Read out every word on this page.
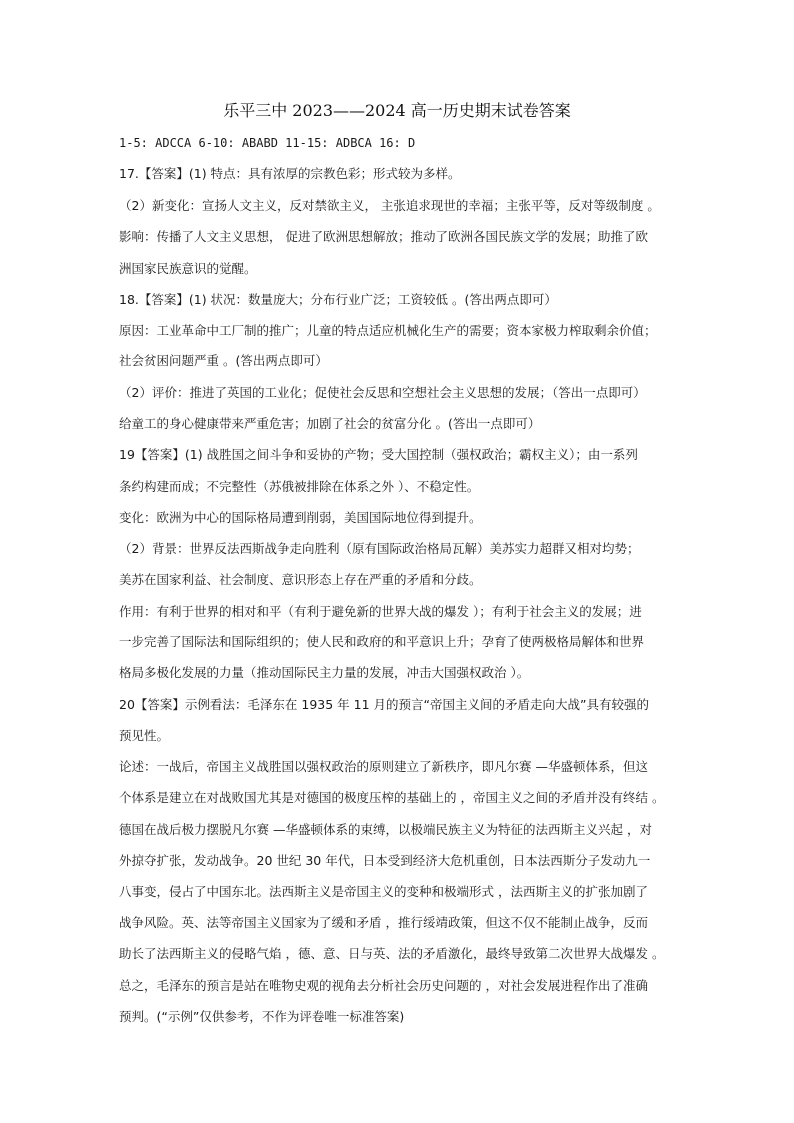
乐平三中 2023——2024 高一历史期末试卷答案
1-5: ADCCA 6-10: ABABD 11-15: ADBCA 16: D
17.【答案】(1) 特点：具有浓厚的宗教色彩；形式较为多样。
（2）新变化：宣扬人文主义，反对禁欲主义， 主张追求现世的幸福；主张平等，反对等级制度 。
影响：传播了人文主义思想， 促进了欧洲思想解放；推动了欧洲各国民族文学的发展；助推了欧
洲国家民族意识的觉醒。
18.【答案】(1) 状况：数量庞大；分布行业广泛；工资较低 。(答出两点即可）
原因：工业革命中工厂制的推广；儿童的特点适应机械化生产的需要；资本家极力榨取剩余价值；
社会贫困问题严重 。(答出两点即可）
（2）评价：推进了英国的工业化；促使社会反思和空想社会主义思想的发展；（答出一点即可）
给童工的身心健康带来严重危害；加剧了社会的贫富分化 。(答出一点即可）
19【答案】(1) 战胜国之间斗争和妥协的产物；受大国控制（强权政治；霸权主义）；由一系列
条约构建而成；不完整性（苏俄被排除在体系之外 ）、不稳定性。
变化：欧洲为中心的国际格局遭到削弱，美国国际地位得到提升。
（2）背景：世界反法西斯战争走向胜利（原有国际政治格局瓦解）美苏实力超群又相对均势；
美苏在国家利益、社会制度、意识形态上存在严重的矛盾和分歧。
作用：有利于世界的相对和平（有利于避免新的世界大战的爆发 ）；有利于社会主义的发展；进
一步完善了国际法和国际组织的；使人民和政府的和平意识上升；孕育了使两极格局解体和世界
格局多极化发展的力量（推动国际民主力量的发展，冲击大国强权政治 ）。
20【答案】示例看法：毛泽东在 1935 年 11 月的预言“帝国主义间的矛盾走向大战”具有较强的
预见性。
论述：一战后，帝国主义战胜国以强权政治的原则建立了新秩序，即凡尔赛 —华盛顿体系，但这
个体系是建立在对战败国尤其是对德国的极度压榨的基础上的 ，帝国主义之间的矛盾并没有终结 。
德国在战后极力摆脱凡尔赛 —华盛顿体系的束缚，以极端民族主义为特征的法西斯主义兴起 ，对
外掠夺扩张，发动战争。20 世纪 30 年代，日本受到经济大危机重创，日本法西斯分子发动九一
八事变，侵占了中国东北。法西斯主义是帝国主义的变种和极端形式 ，法西斯主义的扩张加剧了
战争风险。英、法等帝国主义国家为了缓和矛盾 ，推行绥靖政策，但这不仅不能制止战争，反而
助长了法西斯主义的侵略气焰 ，德、意、日与英、法的矛盾激化，最终导致第二次世界大战爆发 。
总之，毛泽东的预言是站在唯物史观的视角去分析社会历史问题的 ，对社会发展进程作出了准确
预判。(“示例”仅供参考，不作为评卷唯一标准答案)
